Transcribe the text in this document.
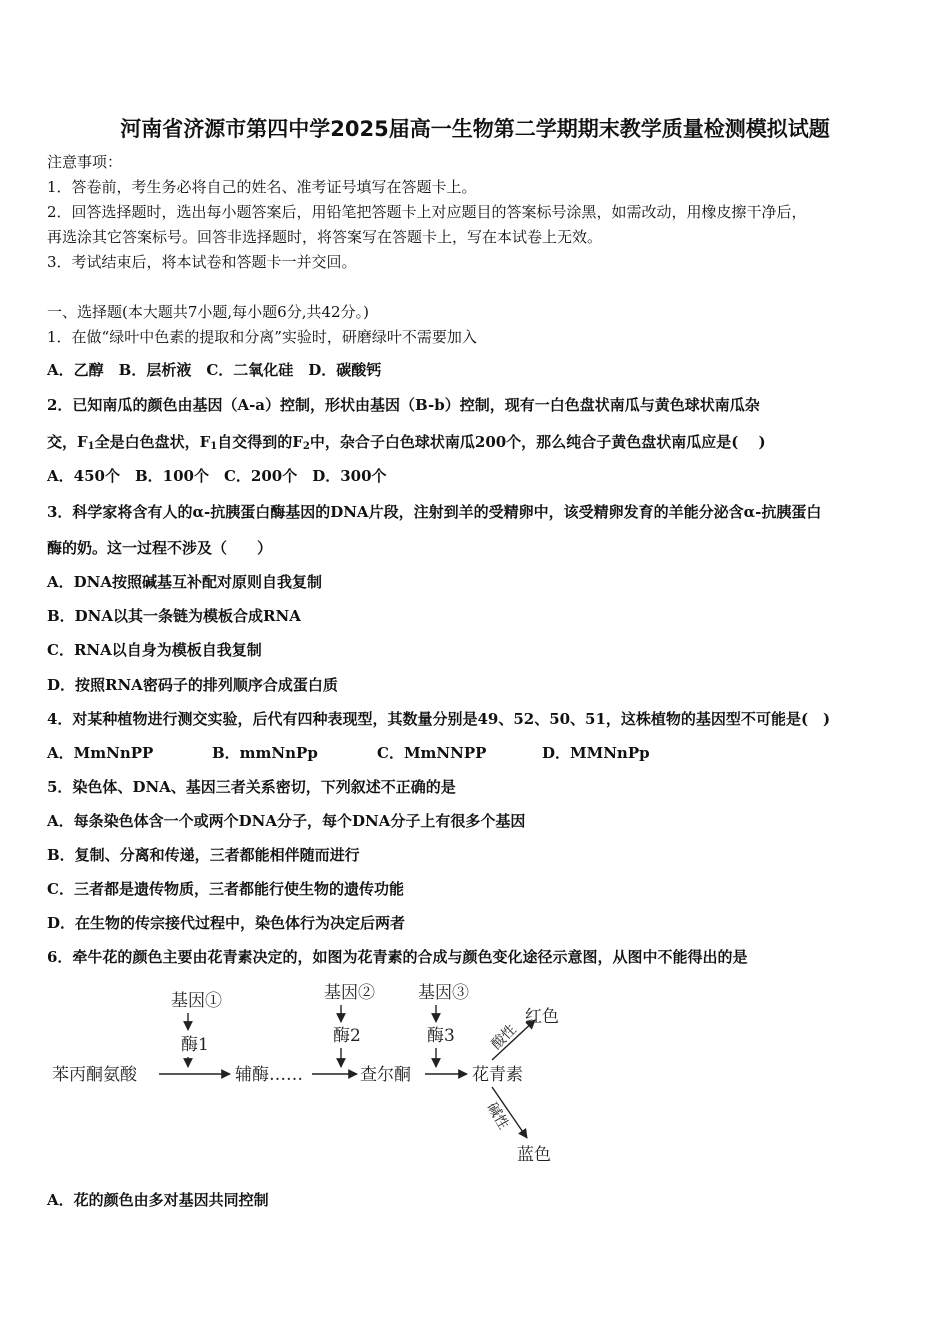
河南省济源市第四中学2025届高一生物第二学期期末教学质量检测模拟试题
注意事项：
1．答卷前，考生务必将自己的姓名、准考证号填写在答题卡上。
2．回答选择题时，选出每小题答案后，用铅笔把答题卡上对应题目的答案标号涂黑，如需改动，用橡皮擦干净后，
再选涂其它答案标号。回答非选择题时，将答案写在答题卡上，写在本试卷上无效。
3．考试结束后，将本试卷和答题卡一并交回。
一、选择题(本大题共7小题,每小题6分,共42分。)
1．在做“绿叶中色素的提取和分离”实验时，研磨绿叶不需要加入
A．乙醇　B．层析液　C．二氧化硅　D．碳酸钙
2．已知南瓜的颜色由基因（A-a）控制，形状由基因（B-b）控制，现有一白色盘状南瓜与黄色球状南瓜杂
交，$F_1$全是白色盘状，$F_1$自交得到的$F_2$中，杂合子白色球状南瓜200个，那么纯合子黄色盘状南瓜应是(　 )
A．450个　B．100个　C．200个　D．300个
3．科学家将含有人的α-抗胰蛋白酶基因的DNA片段，注射到羊的受精卵中，该受精卵发育的羊能分泌含α-抗胰蛋白
酶的奶。这一过程不涉及（　　）
A．DNA按照碱基互补配对原则自我复制
B．DNA以其一条链为模板合成RNA
C．RNA以自身为模板自我复制
D．按照RNA密码子的排列顺序合成蛋白质
4．对某种植物进行测交实验，后代有四种表现型，其数量分别是49、52、50、51，这株植物的基因型不可能是(　)
A．MmNnPP	B．mmNnPp	C．MmNNPP	D．MMNnPp
5．染色体、DNA、基因三者关系密切，下列叙述不正确的是
A．每条染色体含一个或两个DNA分子，每个DNA分子上有很多个基因
B．复制、分离和传递，三者都能相伴随而进行
C．三者都是遗传物质，三者都能行使生物的遗传功能
D．在生物的传宗接代过程中，染色体行为决定后两者
6．牵牛花的颜色主要由花青素决定的，如图为花青素的合成与颜色变化途径示意图，从图中不能得出的是
基因①	基因②	基因③
酶1	酶2	酶3
苯丙酮氨酸	辅酶……	查尔酮	花青素
酸性
红色
碱性
蓝色
A．花的颜色由多对基因共同控制
